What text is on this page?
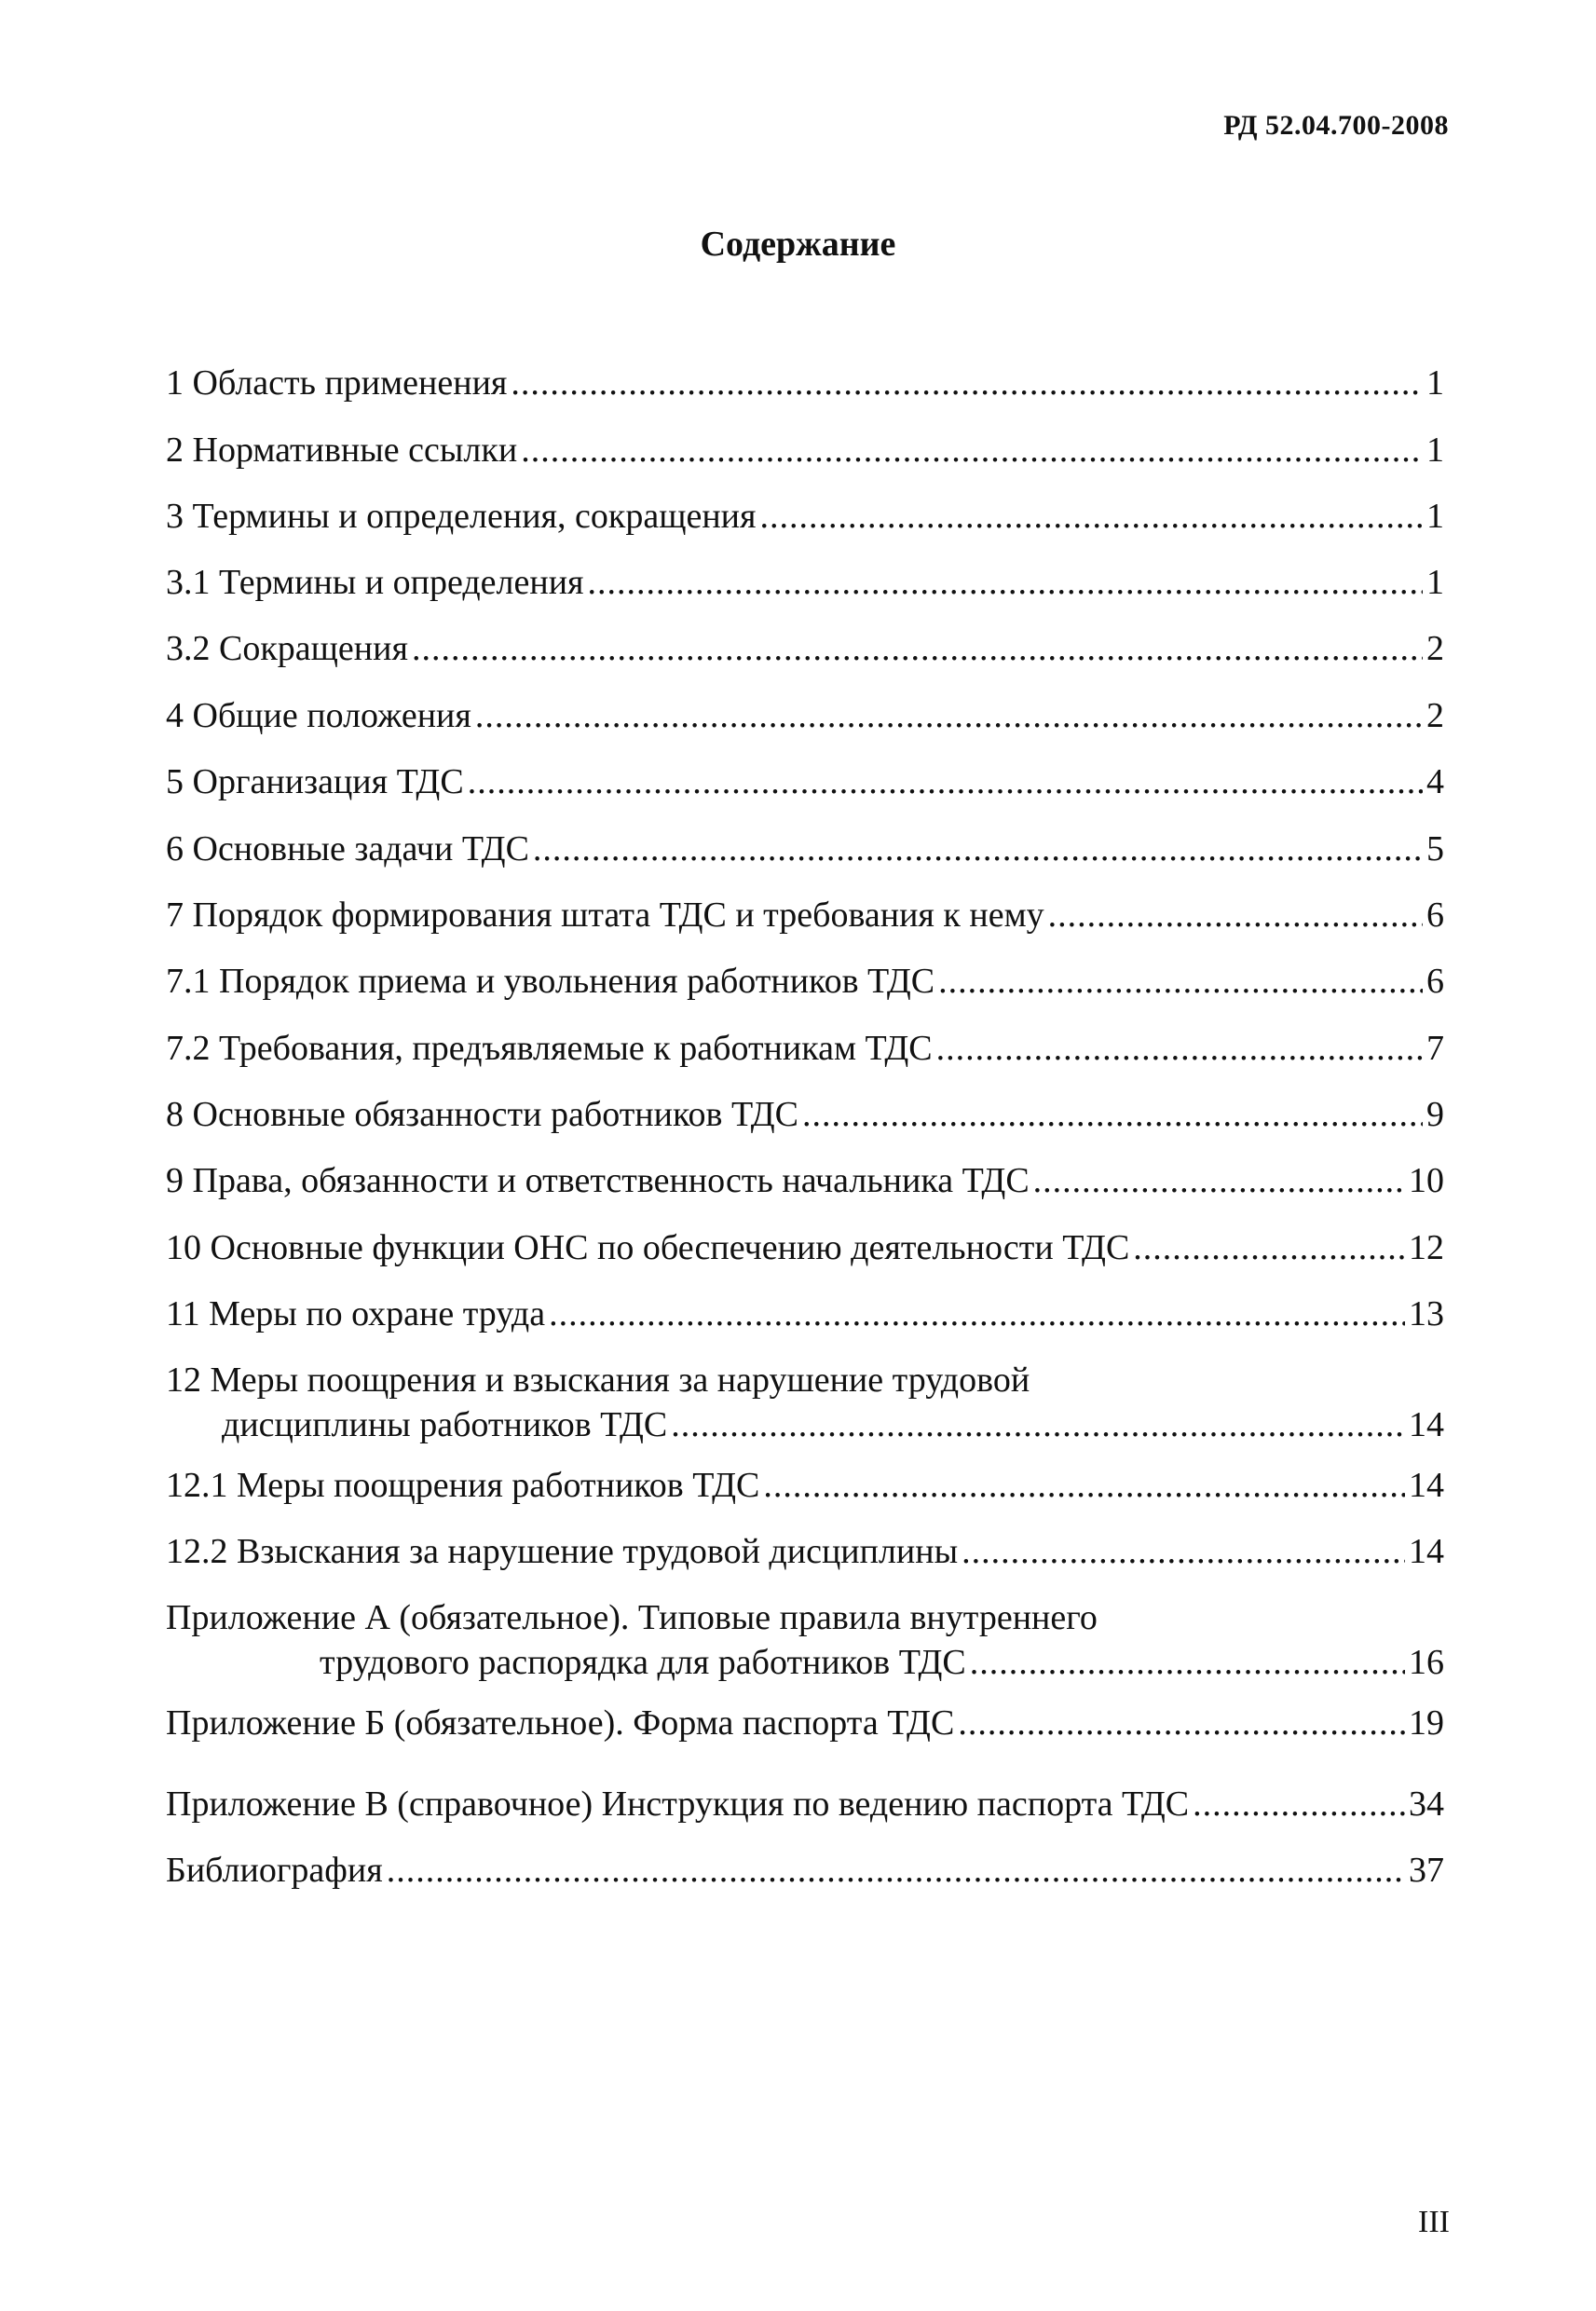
РД 52.04.700-2008
Содержание
1 Область применения .....	1
2 Нормативные ссылки .....	1
3 Термины и определения, сокращения .....	1
3.1 Термины и определения .....	1
3.2 Сокращения .....	2
4 Общие положения .....	2
5 Организация ТДС .....	4
6 Основные задачи ТДС .....	5
7 Порядок формирования штата ТДС и требования к нему .....	6
7.1 Порядок приема и увольнения работников ТДС .....	6
7.2 Требования, предъявляемые к работникам ТДС .....	7
8 Основные обязанности работников ТДС .....	9
9 Права, обязанности и ответственность начальника ТДС .....	10
10 Основные функции ОНС по обеспечению деятельности ТДС .....	12
11 Меры по охране труда .....	13
12 Меры поощрения и взыскания за нарушение трудовой
дисциплины работников ТДС .....	14
12.1 Меры поощрения работников ТДС .....	14
12.2 Взыскания за нарушение трудовой дисциплины .....	14
Приложение А (обязательное). Типовые правила внутреннего
трудового распорядка для работников ТДС .....	16
Приложение Б (обязательное). Форма паспорта ТДС .....	19
Приложение В (справочное) Инструкция по ведению паспорта ТДС .....	34
Библиография .....	37
III
